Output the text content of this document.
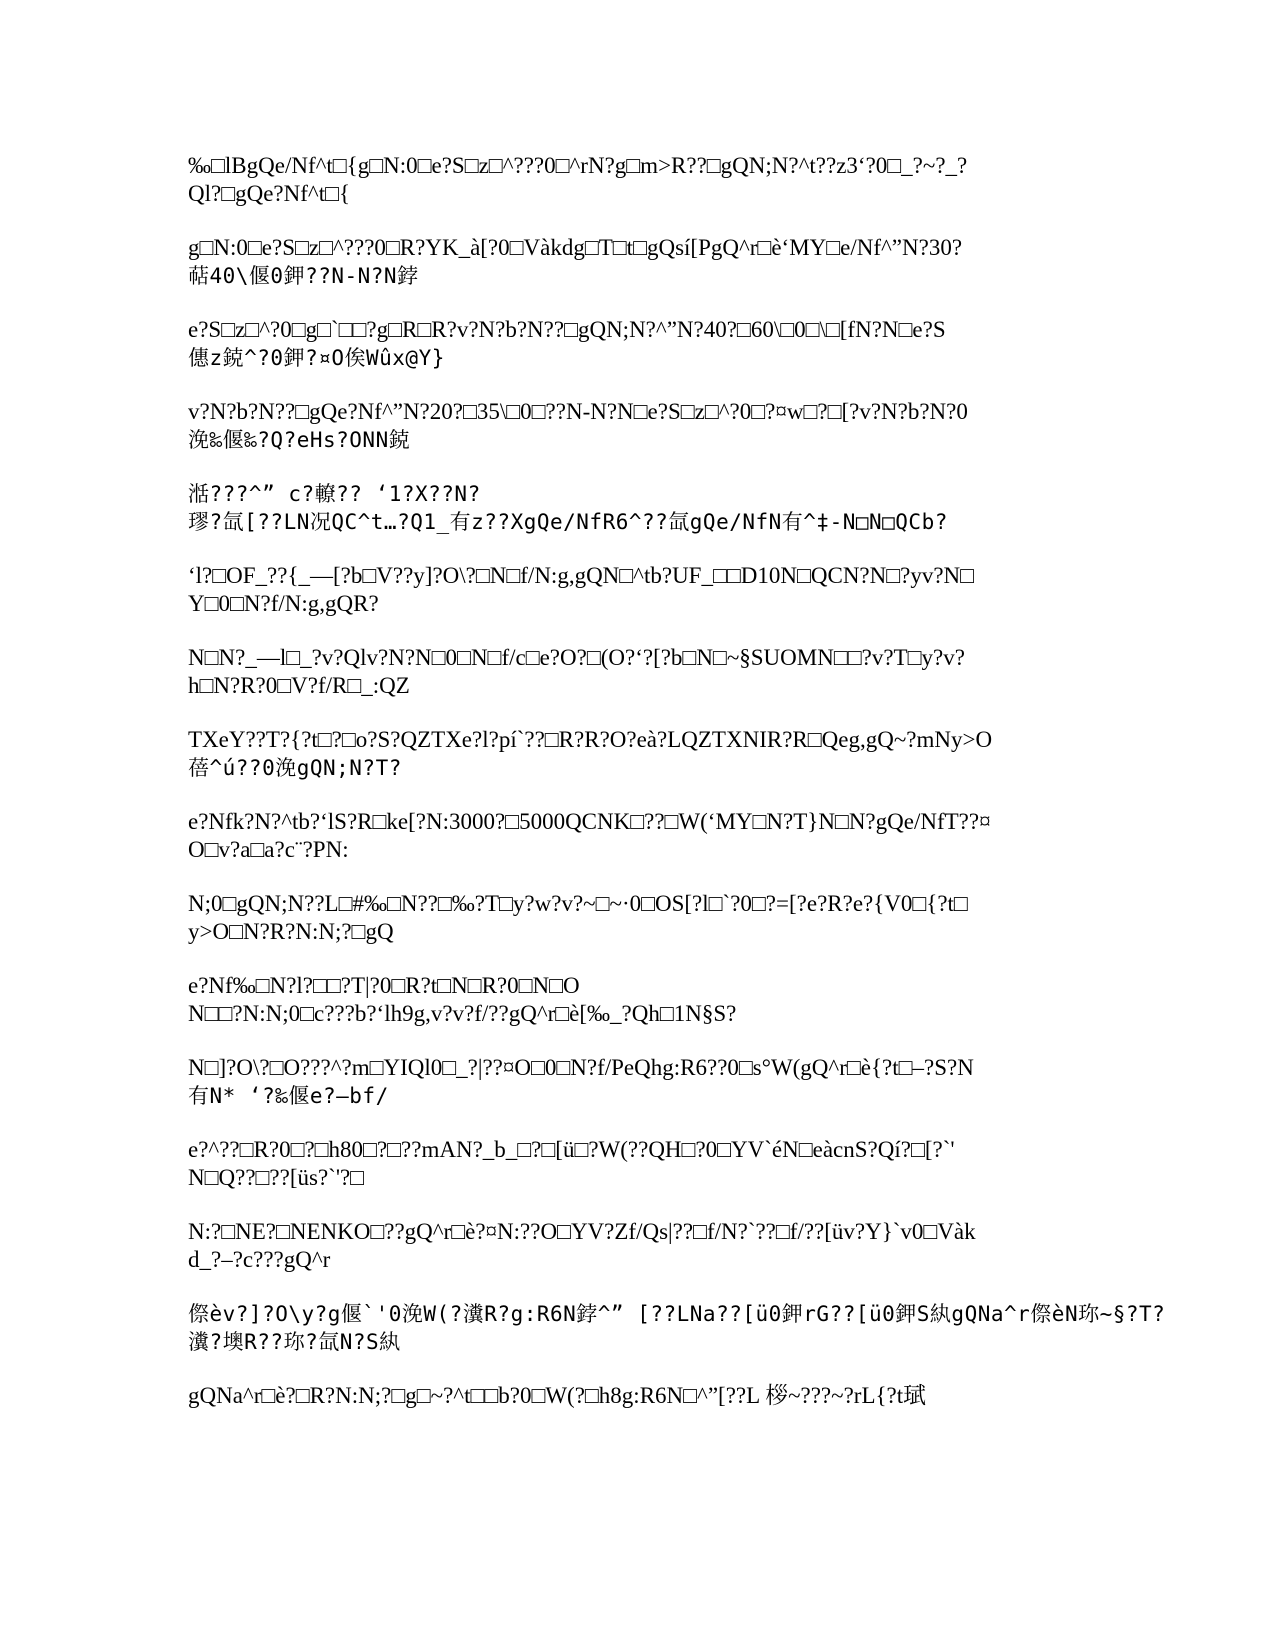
‰□lBgQe/Nf^t□{g□N:0□e?S□z□^???0□^rN?g□m>R??□gQN;N?^t??z3‘?0□_?~?_?
Ql?□gQe?Nf^t□{
g□N:0□e?S□z□^???0□R?YK_à[?0□Vàkdg□T□t□gQsí[PgQ^r□è‘MY□e/Nf^”N?30?
萜40\偃0鉀??N-N?N鋍
e?S□z□^?0□g□`□□?g□R□R?v?N?b?N??□gQN;N?^”N?40?□60\□0□\□[fN?N□e?S
僡z鋴^?0鉀?¤O俟Wûx@Y}
v?N?b?N??□gQe?Nf^”N?20?□35\□0□??N-N?N□e?S□z□^?0□?¤w□?□[?v?N?b?N?0
浼‰偃‰?Q?eHs?ONN鋴
湉???^” c?轑?? ‘1?X??N?
璆?氙[??LN况QC^t…?Q1_有z??XgQe/NfR6^??氙gQe/NfN有^‡-N□N□QCb?
‘l?□OF_??{_—[?b□V??y]?O\?□N□f/N:g,gQN□^tb?UF_□□D10N□QCN?N□?yv?N□
Y□0□N?f/N:g,gQR?
N□N?_—l□_?v?Qlv?N?N□0□N□f/c□e?O?□(O?‘?[?b□N□~§SUOMN□□?v?T□y?v?
h□N?R?0□V?f/R□_:QZ
TXeY??T?{?t□?□o?S?QZTXe?l?pí`??□R?R?O?eà?LQZTXNIR?R□Qeg,gQ~?mNy>O
蓓^ú??0浼gQN;N?T?
e?Nfk?N?^tb?‘lS?R□ke[?N:3000?□5000QCNK□??□W(‘MY□N?T}N□N?gQe/NfT??¤
O□v?a□a?c¨?PN:
N;0□gQN;N??L□#‰□N??□‰?T□y?w?v?~□~·0□OS[?l□`?0□?=[?e?R?e?{V0□{?t□
y>O□N?R?N:N;?□gQ
e?Nf‰□N?l?□□?T|?0□R?t□N□R?0□N□O
N□□?N:N;0□c???b?‘lh9g,v?v?f/??gQ^r□è[‰_?Qh□1N§S?
N□]?O\?□O???^?m□YIQl0□_?|??¤O□0□N?f/PeQhg:R6??0□s°W(gQ^r□è{?t□–?S?N
有N* ‘?‰偃e?—bf/
e?^??□R?0□?□h80□?□??mAN?_b_□?□[ü□?W(??QH□?0□YV`éN□eàcnS?Qí?□[?`'
N□Q??□??[üs?`'?□
N:?□NE?□NENKO□??gQ^r□è?¤N:??O□YV?Zf/Qs|??□f/N?`??□f/??[üv?Y}`v0□Vàk
d_?–?c???gQ^r
傺èv?]?O\y?g偃`'0浼W(?瀵R?g:R6N鋍^” [??LNa??[ü0鉀rG??[ü0鉀S紈gQNa^r傺èN珎~§?T?
瀵?墺R??珎?氙N?S紈
gQNa^r□è?□R?N:N;?□g□~?^t□□b?0□W(?□h8g:R6N□^”[??L 桚~???~?rL{?t珷
